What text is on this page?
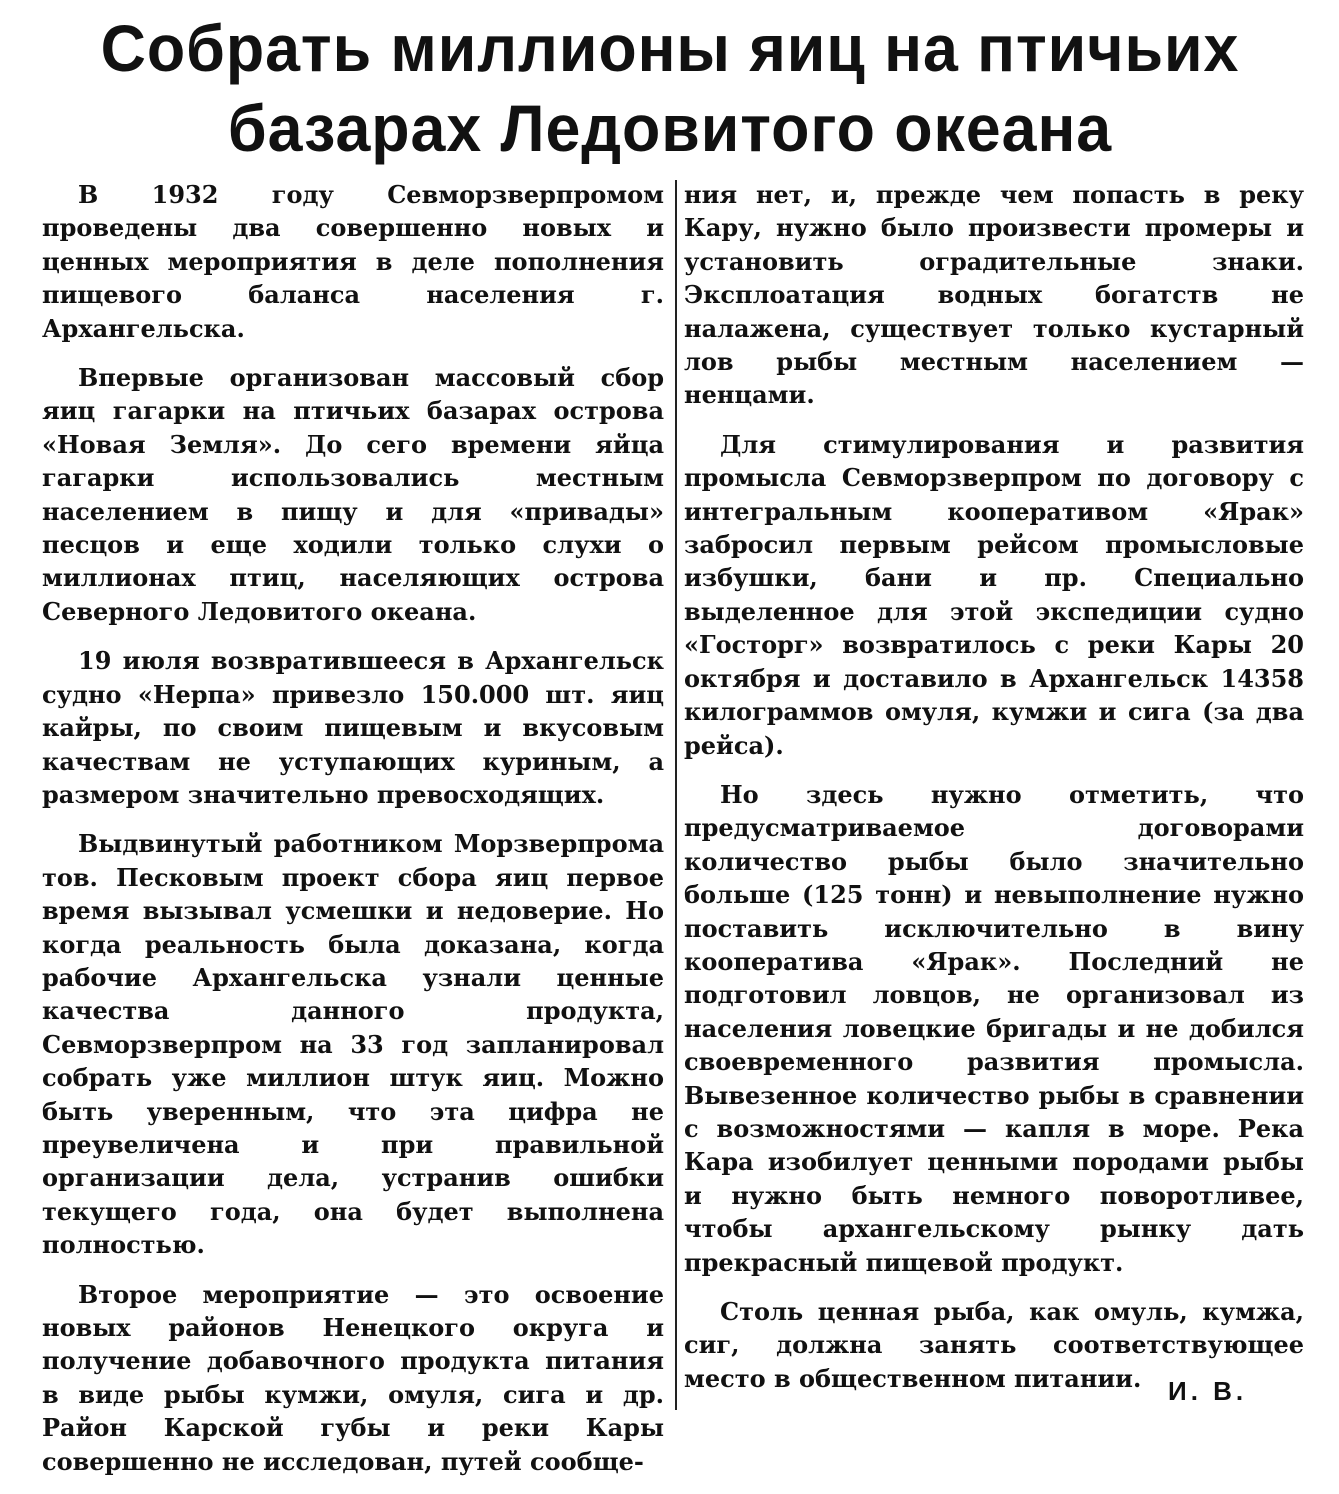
Собрать миллионы яиц на птичьих базарах Ледовитого океана

В 1932 году Севморзверпромом проведены два совершенно новых и ценных мероприятия в деле пополнения пищевого баланса населения г. Архангельска.

Впервые организован массовый сбор яиц гагарки на птичьих базарах острова «Новая Земля». До сего времени яйца гагарки использовались местным населением в пищу и для «привады» песцов и еще ходили только слухи о миллионах птиц, населяющих острова Северного Ледовитого океана.

19 июля возвратившееся в Архангельск судно «Нерпа» привезло 150.000 шт. яиц кайры, по своим пищевым и вкусовым качествам не уступающих куриным, а размером значительно превосходящих.

Выдвинутый работником Морзверпрома тов. Песковым проект сбора яиц первое время вызывал усмешки и недоверие. Но когда реальность была доказана, когда рабочие Архангельска узнали ценные качества данного продукта, Севморзверпром на 33 год запланировал собрать уже миллион штук яиц. Можно быть уверенным, что эта цифра не преувеличена и при правильной организации дела, устранив ошибки текущего года, она будет выполнена полностью.

Второе мероприятие — это освоение новых районов Ненецкого округа и получение добавочного продукта питания в виде рыбы кумжи, омуля, сига и др. Район Карской губы и реки Кары совершенно не исследован, путей сообще-

ния нет, и, прежде чем попасть в реку Кару, нужно было произвести промеры и установить оградительные знаки. Эксплоатация водных богатств не налажена, существует только кустарный лов рыбы местным населением — ненцами.

Для стимулирования и развития промысла Севморзверпром по договору с интегральным кооперативом «Ярак» забросил первым рейсом промысловые избушки, бани и пр. Специально выделенное для этой экспедиции судно «Госторг» возвратилось с реки Кары 20 октября и доставило в Архангельск 14358 килограммов омуля, кумжи и сига (за два рейса).

Но здесь нужно отметить, что предусматриваемое договорами количество рыбы было значительно больше (125 тонн) и невыполнение нужно поставить исключительно в вину кооператива «Ярак». Последний не подготовил ловцов, не организовал из населения ловецкие бригады и не добился своевременного развития промысла. Вывезенное количество рыбы в сравнении с возможностями — капля в море. Река Кара изобилует ценными породами рыбы и нужно быть немного поворотливее, чтобы архангельскому рынку дать прекрасный пищевой продукт.

Столь ценная рыба, как омуль, кумжа, сиг, должна занять соответствующее место в общественном питании.	И. В.
